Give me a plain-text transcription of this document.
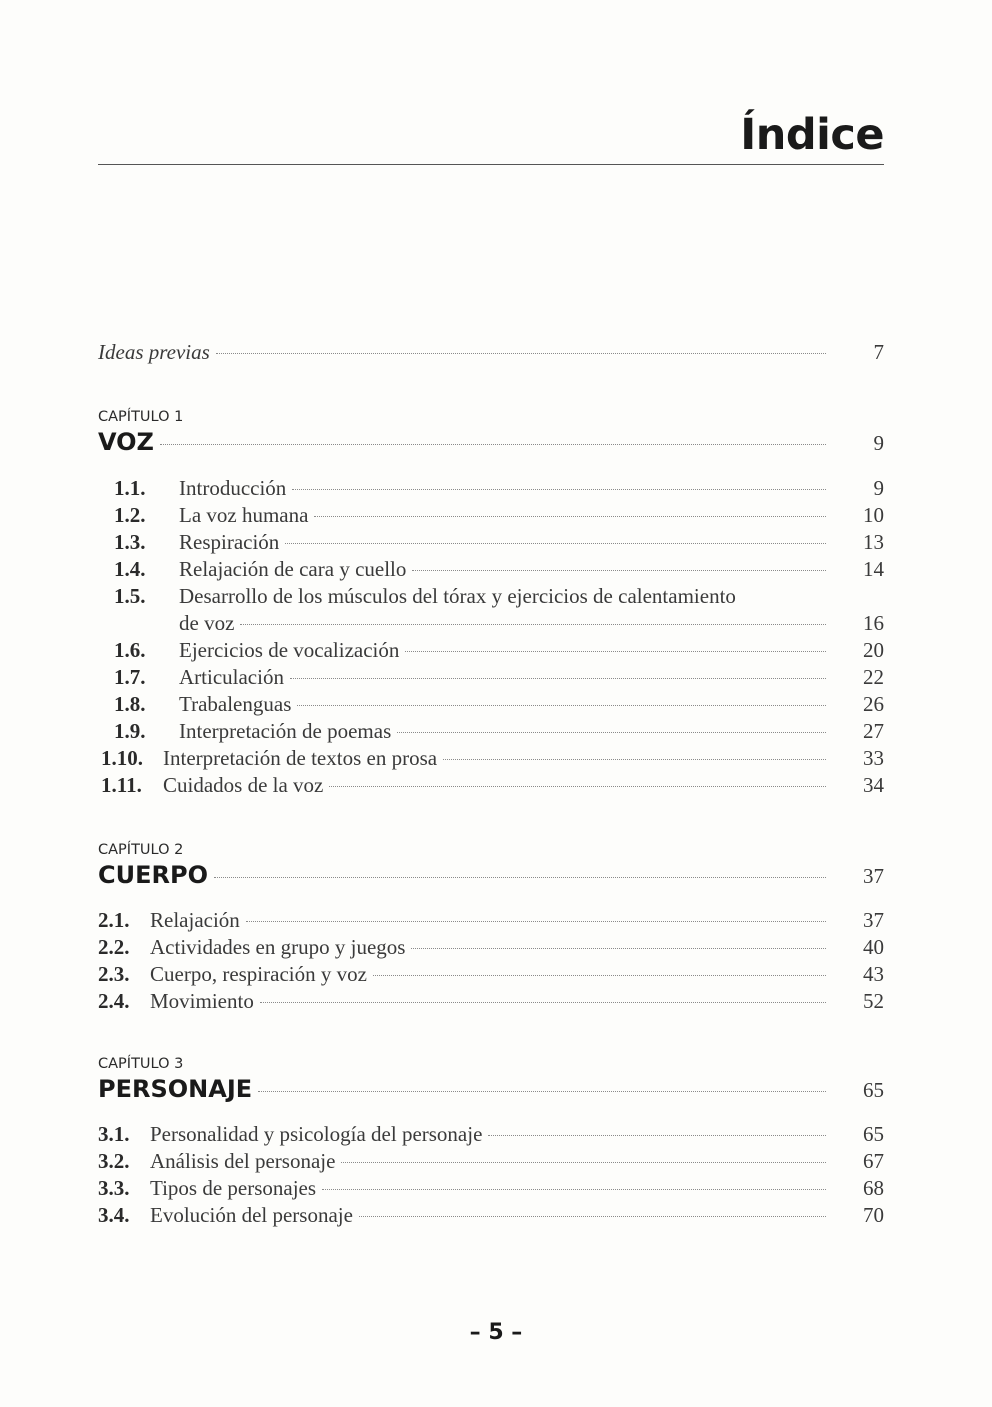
Índice
Ideas previas	7
CAPÍTULO 1
VOZ	9
1.1.	Introducción	9
1.2.	La voz humana	10
1.3.	Respiración	13
1.4.	Relajación de cara y cuello	14
1.5.	Desarrollo de los músculos del tórax y ejercicios de calentamiento
de voz	16
1.6.	Ejercicios de vocalización	20
1.7.	Articulación	22
1.8.	Trabalenguas	26
1.9.	Interpretación de poemas	27
1.10. Interpretación de textos en prosa	33
1.11.	Cuidados de la voz	34
CAPÍTULO 2
CUERPO	37
2.1. Relajación	37
2.2. Actividades en grupo y juegos	40
2.3. Cuerpo, respiración y voz	43
2.4. Movimiento	52
CAPÍTULO 3
PERSONAJE	65
3.1. Personalidad y psicología del personaje	65
3.2. Análisis del personaje	67
3.3. Tipos de personajes	68
3.4. Evolución del personaje	70
– 5 –
